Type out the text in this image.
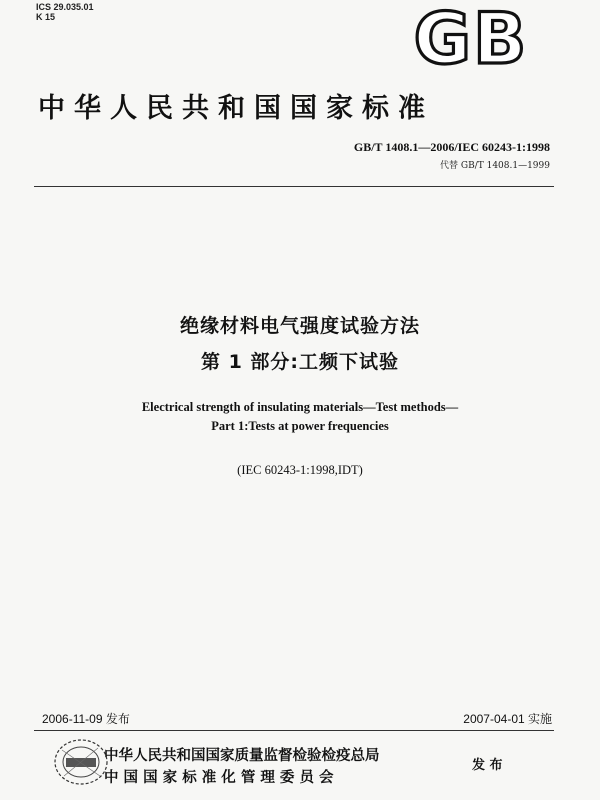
ICS 29.035.01
K 15	GB
中华人民共和国国家标准
GB/T 1408.1—2006/IEC 60243-1:1998
代替 GB/T 1408.1—1999
绝缘材料电气强度试验方法
第 1 部分:工频下试验
Electrical strength of insulating materials—Test methods—
Part 1:Tests at power frequencies
(IEC 60243-1:1998,IDT)
2006-11-09 发布	2007-04-01 实施
中华人民共和国国家质量监督检验检疫总局
中 国 国 家 标 准 化 管 理 委 员 会
发 布
